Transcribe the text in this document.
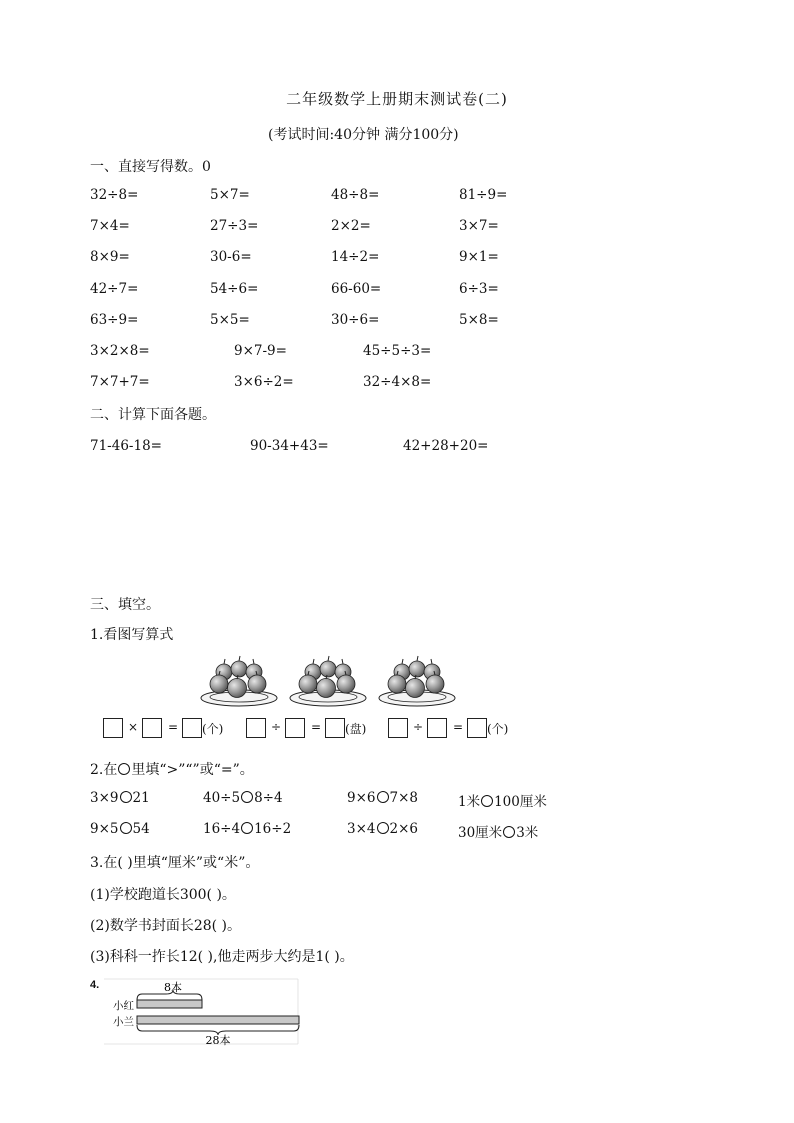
二年级数学上册期末测试卷(二)
(考试时间:40分钟 满分100分)
一、直接写得数。0
32÷8=	5×7=	48÷8=	81÷9=
7×4=	27÷3=	2×2=	3×7=
8×9=	30-6=	14÷2=	9×1=
42÷7=	54÷6=	66-60=	6÷3=
63÷9=	5×5=	30÷6=	5×8=
3×2×8=	9×7-9=	45÷5÷3=
7×7+7=	3×6÷2=	32÷4×8=
二、计算下面各题。
71-46-18=	90-34+43=	42+28+20=
三、填空。
1.看图写算式
× = (个)	÷ = (盘)	÷ = (个)
2.在 里填“>”“”或“=”。
3×9 21	40÷5 8÷4	9×6 7×8	1米 100厘米
9×5 54	16÷4 16÷2	3×4 2×6	30厘米 3米
3.在( )里填“厘米”或“米”。
(1)学校跑道长300( )。
(2)数学书封面长28( )。
(3)科科一拃长12( ),他走两步大约是1( )。
4.	8本
小红
小兰
28本
